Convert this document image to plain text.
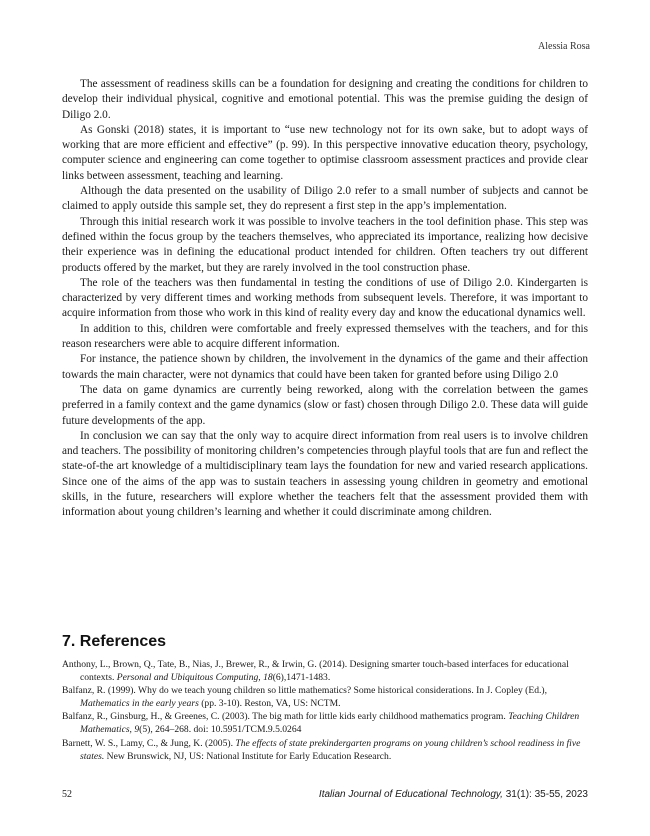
Alessia Rosa

The assessment of readiness skills can be a foundation for designing and creating the conditions for children to develop their individual physical, cognitive and emotional potential. This was the premise guiding the design of Diligo 2.0.

As Gonski (2018) states, it is important to “use new technology not for its own sake, but to adopt ways of working that are more efficient and effective” (p. 99). In this perspective innovative education theory, psychology, computer science and engineering can come together to optimise classroom assessment practices and provide clear links between assessment, teaching and learning.

Although the data presented on the usability of Diligo 2.0 refer to a small number of subjects and cannot be claimed to apply outside this sample set, they do represent a first step in the app’s implementation.

Through this initial research work it was possible to involve teachers in the tool definition phase. This step was defined within the focus group by the teachers themselves, who appreciated its importance, realizing how decisive their experience was in defining the educational product intended for children. Often teachers try out different products offered by the market, but they are rarely involved in the tool construction phase.

The role of the teachers was then fundamental in testing the conditions of use of Diligo 2.0. Kindergarten is characterized by very different times and working methods from subsequent levels. Therefore, it was important to acquire information from those who work in this kind of reality every day and know the educational dynamics well.

In addition to this, children were comfortable and freely expressed themselves with the teachers, and for this reason researchers were able to acquire different information.

For instance, the patience shown by children, the involvement in the dynamics of the game and their affection towards the main character, were not dynamics that could have been taken for granted before using Diligo 2.0

The data on game dynamics are currently being reworked, along with the correlation between the games preferred in a family context and the game dynamics (slow or fast) chosen through Diligo 2.0. These data will guide future developments of the app.

In conclusion we can say that the only way to acquire direct information from real users is to involve children and teachers. The possibility of monitoring children’s competencies through playful tools that are fun and reflect the state-of-the art knowledge of a multidisciplinary team lays the foundation for new and varied research applications. Since one of the aims of the app was to sustain teachers in assessing young children in geometry and emotional skills, in the future, researchers will explore whether the teachers felt that the assessment provided them with information about young children’s learning and whether it could discriminate among children.

7. References

Anthony, L., Brown, Q., Tate, B., Nias, J., Brewer, R., & Irwin, G. (2014). Designing smarter touch-based interfaces for educational contexts. Personal and Ubiquitous Computing, 18(6),1471-1483.

Balfanz, R. (1999). Why do we teach young children so little mathematics? Some historical considerations. In J. Copley (Ed.), Mathematics in the early years (pp. 3-10). Reston, VA, US: NCTM.

Balfanz, R., Ginsburg, H., & Greenes, C. (2003). The big math for little kids early childhood mathematics program. Teaching Children Mathematics, 9(5), 264–268. doi: 10.5951/TCM.9.5.0264

Barnett, W. S., Lamy, C., & Jung, K. (2005). The effects of state prekindergarten programs on young children’s school readiness in five states. New Brunswick, NJ, US: National Institute for Early Education Research.

52	Italian Journal of Educational Technology, 31(1): 35-55, 2023
